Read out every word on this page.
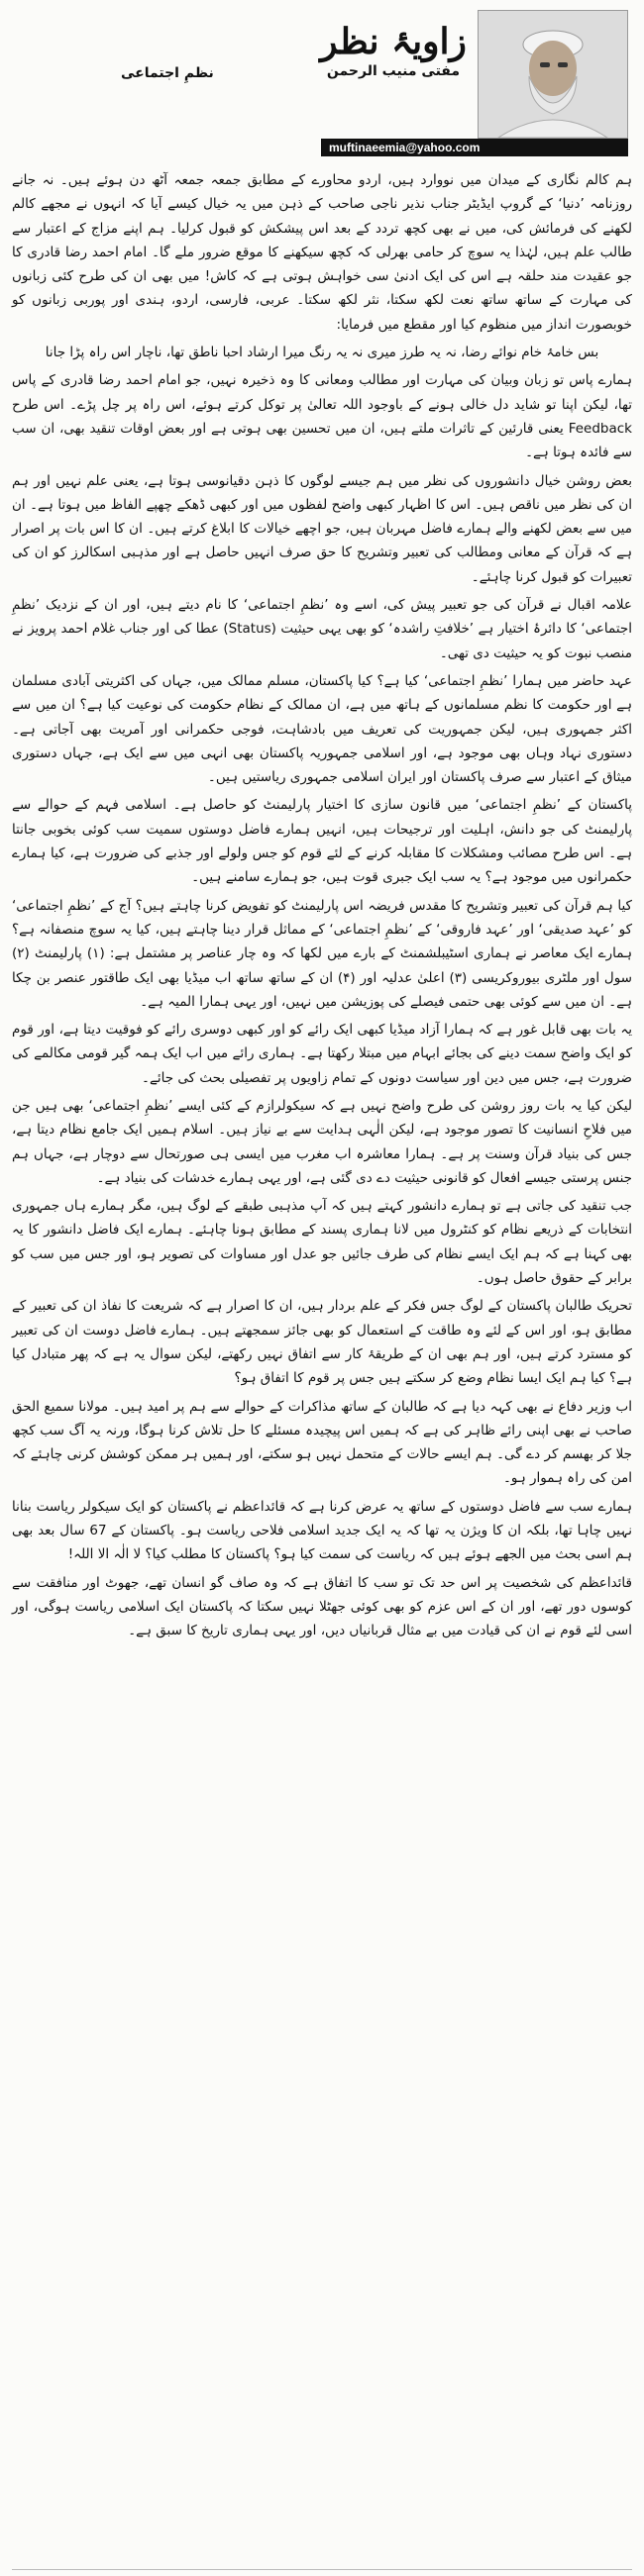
زاویۂ نظر
مفتی منیب الرحمن
muftinaeemia@yahoo.com
نظمِ اجتماعی

ہم کالم نگاری کے میدان میں نووارد ہیں، اردو محاورے کے مطابق جمعہ جمعہ آٹھ دن ہوئے ہیں۔ نہ جانے روزنامہ ’دنیا‘ کے گروپ ایڈیٹر جناب نذیر ناجی صاحب کے ذہن میں یہ خیال کیسے آیا کہ انہوں نے مجھے کالم لکھنے کی فرمائش کی، میں نے بھی کچھ تردد کے بعد اس پیشکش کو قبول کرلیا۔ ہم اپنے مزاج کے اعتبار سے طالب علم ہیں، لہٰذا یہ سوچ کر حامی بھرلی کہ کچھ سیکھنے کا موقع ضرور ملے گا۔ امام احمد رضا قادری کا جو عقیدت مند حلقہ ہے اس کی ایک ادنیٰ سی خواہش ہوتی ہے کہ کاش! میں بھی ان کی طرح کئی زبانوں کی مہارت کے ساتھ ساتھ نعت لکھ سکتا، نثر لکھ سکتا۔ عربی، فارسی، اردو، ہندی اور پوربی زبانوں کو خوبصورت انداز میں منظوم کیا اور مقطع میں فرمایا:

بس خامۂ خام نوائے رضا، نہ یہ طرز میری نہ یہ رنگ میرا ارشاد احبا ناطق تھا، ناچار اس راہ پڑا جانا

ہمارے پاس تو زبان وبیان کی مہارت اور مطالب ومعانی کا وہ ذخیرہ نہیں، جو امام احمد رضا قادری کے پاس تھا، لیکن اپنا تو شاید دل خالی ہونے کے باوجود اللہ تعالیٰ پر توکل کرتے ہوئے، اس راہ پر چل پڑے۔ اس طرح Feedback یعنی قارئین کے تاثرات ملتے ہیں، ان میں تحسین بھی ہوتی ہے اور بعض اوقات تنقید بھی، ان سب سے فائدہ ہوتا ہے۔

بعض روشن خیال دانشوروں کی نظر میں ہم جیسے لوگوں کا ذہن دقیانوسی ہوتا ہے، یعنی علم نہیں اور ہم ان کی نظر میں ناقص ہیں۔ اس کا اظہار کبھی واضح لفظوں میں اور کبھی ڈھکے چھپے الفاظ میں ہوتا ہے۔ ان میں سے بعض لکھنے والے ہمارے فاضل مہربان ہیں، جو اچھے خیالات کا ابلاغ کرتے ہیں۔ ان کا اس بات پر اصرار ہے کہ قرآن کے معانی ومطالب کی تعبیر وتشریح کا حق صرف انہیں حاصل ہے اور مذہبی اسکالرز کو ان کی تعبیرات کو قبول کرنا چاہئے۔

علامہ اقبال نے قرآن کی جو تعبیر پیش کی، اسے وہ ’نظمِ اجتماعی‘ کا نام دیتے ہیں، اور ان کے نزدیک ’نظمِ اجتماعی‘ کا دائرۂ اختیار ہے ’خلافتِ راشدہ‘ کو بھی یہی حیثیت (Status) عطا کی اور جناب غلام احمد پرویز نے منصب نبوت کو یہ حیثیت دی تھی۔

عہد حاضر میں ہمارا ’نظمِ اجتماعی‘ کیا ہے؟ کیا پاکستان، مسلم ممالک میں، جہاں کی اکثریتی آبادی مسلمان ہے اور حکومت کا نظم مسلمانوں کے ہاتھ میں ہے، ان ممالک کے نظام حکومت کی نوعیت کیا ہے؟ ان میں سے اکثر جمہوری ہیں، لیکن جمہوریت کی تعریف میں بادشاہت، فوجی حکمرانی اور آمریت بھی آجاتی ہے۔ دستوری نہاد وہاں بھی موجود ہے، اور اسلامی جمہوریہ پاکستان بھی انہی میں سے ایک ہے، جہاں دستوری میثاق کے اعتبار سے صرف پاکستان اور ایران اسلامی جمہوری ریاستیں ہیں۔

پاکستان کے ’نظمِ اجتماعی‘ میں قانون سازی کا اختیار پارلیمنٹ کو حاصل ہے۔ اسلامی فہم کے حوالے سے پارلیمنٹ کی جو دانش، اہلیت اور ترجیحات ہیں، انہیں ہمارے فاضل دوستوں سمیت سب کوئی بخوبی جانتا ہے۔ اس طرح مصائب ومشکلات کا مقابلہ کرنے کے لئے قوم کو جس ولولے اور جذبے کی ضرورت ہے، کیا ہمارے حکمرانوں میں موجود ہے؟ یہ سب ایک جبری قوت ہیں، جو ہمارے سامنے ہیں۔

کیا ہم قرآن کی تعبیر وتشریح کا مقدس فریضہ اس پارلیمنٹ کو تفویض کرنا چاہتے ہیں؟ آج کے ’نظمِ اجتماعی‘ کو ’عہد صدیقی‘ اور ’عہد فاروقی‘ کے ’نظمِ اجتماعی‘ کے مماثل قرار دینا چاہتے ہیں، کیا یہ سوچ منصفانہ ہے؟ ہمارے ایک معاصر نے ہماری اسٹیبلشمنٹ کے بارے میں لکھا کہ وہ چار عناصر پر مشتمل ہے: (۱) پارلیمنٹ (۲) سول اور ملٹری بیوروکریسی (۳) اعلیٰ عدلیہ اور (۴) ان کے ساتھ ساتھ اب میڈیا بھی ایک طاقتور عنصر بن چکا ہے۔ ان میں سے کوئی بھی حتمی فیصلے کی پوزیشن میں نہیں، اور یہی ہمارا المیہ ہے۔

یہ بات بھی قابل غور ہے کہ ہمارا آزاد میڈیا کبھی ایک رائے کو اور کبھی دوسری رائے کو فوقیت دیتا ہے، اور قوم کو ایک واضح سمت دینے کی بجائے ابہام میں مبتلا رکھتا ہے۔ ہماری رائے میں اب ایک ہمہ گیر قومی مکالمے کی ضرورت ہے، جس میں دین اور سیاست دونوں کے تمام زاویوں پر تفصیلی بحث کی جائے۔

لیکن کیا یہ بات روز روشن کی طرح واضح نہیں ہے کہ سیکولرازم کے کئی ایسے ’نظمِ اجتماعی‘ بھی ہیں جن میں فلاحِ انسانیت کا تصور موجود ہے، لیکن الٰہی ہدایت سے بے نیاز ہیں۔ اسلام ہمیں ایک جامع نظام دیتا ہے، جس کی بنیاد قرآن وسنت پر ہے۔ ہمارا معاشرہ اب مغرب میں ایسی ہی صورتحال سے دوچار ہے، جہاں ہم جنس پرستی جیسے افعال کو قانونی حیثیت دے دی گئی ہے، اور یہی ہمارے خدشات کی بنیاد ہے۔

جب تنقید کی جاتی ہے تو ہمارے دانشور کہتے ہیں کہ آپ مذہبی طبقے کے لوگ ہیں، مگر ہمارے ہاں جمہوری انتخابات کے ذریعے نظام کو کنٹرول میں لانا ہماری پسند کے مطابق ہونا چاہئے۔ ہمارے ایک فاضل دانشور کا یہ بھی کہنا ہے کہ ہم ایک ایسے نظام کی طرف جائیں جو عدل اور مساوات کی تصویر ہو، اور جس میں سب کو برابر کے حقوق حاصل ہوں۔

تحریک طالبان پاکستان کے لوگ جس فکر کے علم بردار ہیں، ان کا اصرار ہے کہ شریعت کا نفاذ ان کی تعبیر کے مطابق ہو، اور اس کے لئے وہ طاقت کے استعمال کو بھی جائز سمجھتے ہیں۔ ہمارے فاضل دوست ان کی تعبیر کو مسترد کرتے ہیں، اور ہم بھی ان کے طریقۂ کار سے اتفاق نہیں رکھتے، لیکن سوال یہ ہے کہ پھر متبادل کیا ہے؟ کیا ہم ایک ایسا نظام وضع کر سکتے ہیں جس پر قوم کا اتفاق ہو؟

اب وزیر دفاع نے بھی کہہ دیا ہے کہ طالبان کے ساتھ مذاکرات کے حوالے سے ہم پر امید ہیں۔ مولانا سمیع الحق صاحب نے بھی اپنی رائے ظاہر کی ہے کہ ہمیں اس پیچیدہ مسئلے کا حل تلاش کرنا ہوگا، ورنہ یہ آگ سب کچھ جلا کر بھسم کر دے گی۔ ہم ایسے حالات کے متحمل نہیں ہو سکتے، اور ہمیں ہر ممکن کوشش کرنی چاہئے کہ امن کی راہ ہموار ہو۔

ہمارے سب سے فاضل دوستوں کے ساتھ یہ عرض کرنا ہے کہ قائداعظم نے پاکستان کو ایک سیکولر ریاست بنانا نہیں چاہا تھا، بلکہ ان کا ویژن یہ تھا کہ یہ ایک جدید اسلامی فلاحی ریاست ہو۔ پاکستان کے 67 سال بعد بھی ہم اسی بحث میں الجھے ہوئے ہیں کہ ریاست کی سمت کیا ہو؟ پاکستان کا مطلب کیا؟ لا الٰہ الا اللہ!

قائداعظم کی شخصیت پر اس حد تک تو سب کا اتفاق ہے کہ وہ صاف گو انسان تھے، جھوٹ اور منافقت سے کوسوں دور تھے، اور ان کے اس عزم کو بھی کوئی جھٹلا نہیں سکتا کہ پاکستان ایک اسلامی ریاست ہوگی، اور اسی لئے قوم نے ان کی قیادت میں بے مثال قربانیاں دیں، اور یہی ہماری تاریخ کا سبق ہے۔
